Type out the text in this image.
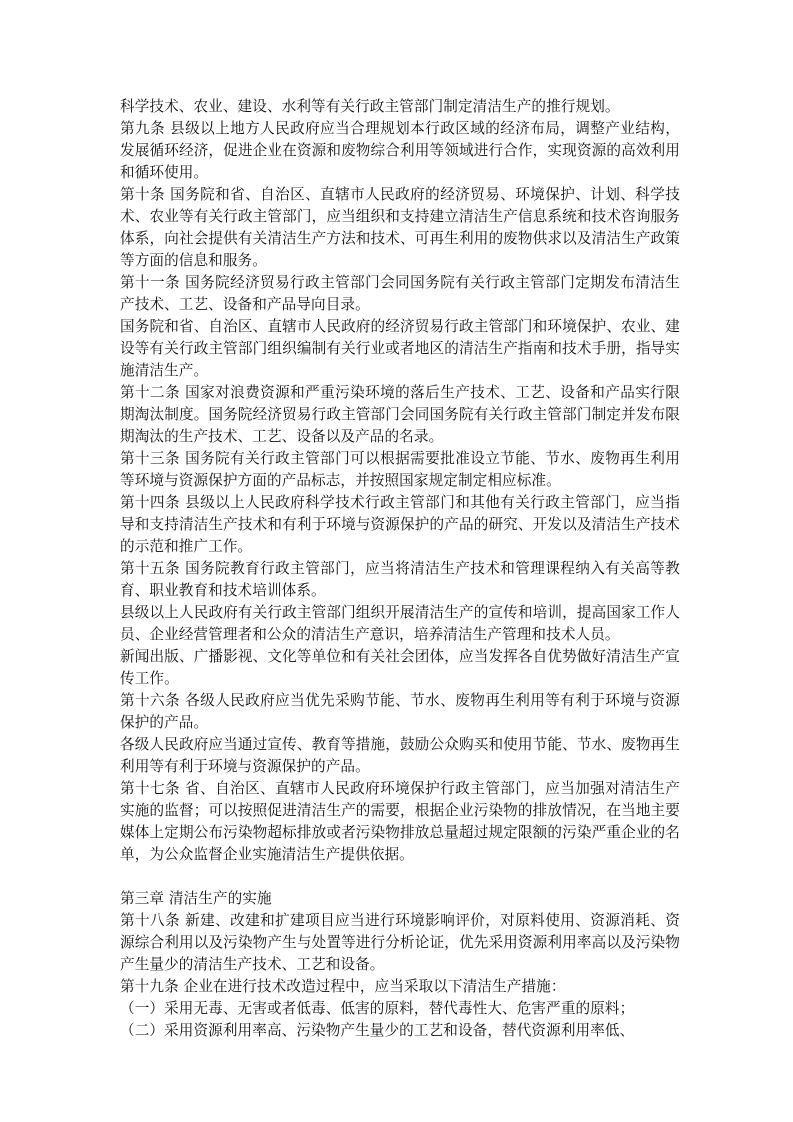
科学技术、农业、建设、水利等有关行政主管部门制定清洁生产的推行规划。

第九条 县级以上地方人民政府应当合理规划本行政区域的经济布局，调整产业结构，发展循环经济，促进企业在资源和废物综合利用等领域进行合作，实现资源的高效利用和循环使用。

第十条 国务院和省、自治区、直辖市人民政府的经济贸易、环境保护、计划、科学技术、农业等有关行政主管部门，应当组织和支持建立清洁生产信息系统和技术咨询服务体系，向社会提供有关清洁生产方法和技术、可再生利用的废物供求以及清洁生产政策等方面的信息和服务。

第十一条 国务院经济贸易行政主管部门会同国务院有关行政主管部门定期发布清洁生产技术、工艺、设备和产品导向目录。

国务院和省、自治区、直辖市人民政府的经济贸易行政主管部门和环境保护、农业、建设等有关行政主管部门组织编制有关行业或者地区的清洁生产指南和技术手册，指导实施清洁生产。

第十二条 国家对浪费资源和严重污染环境的落后生产技术、工艺、设备和产品实行限期淘汰制度。国务院经济贸易行政主管部门会同国务院有关行政主管部门制定并发布限期淘汰的生产技术、工艺、设备以及产品的名录。

第十三条 国务院有关行政主管部门可以根据需要批准设立节能、节水、废物再生利用等环境与资源保护方面的产品标志，并按照国家规定制定相应标准。

第十四条 县级以上人民政府科学技术行政主管部门和其他有关行政主管部门，应当指导和支持清洁生产技术和有利于环境与资源保护的产品的研究、开发以及清洁生产技术的示范和推广工作。

第十五条 国务院教育行政主管部门，应当将清洁生产技术和管理课程纳入有关高等教育、职业教育和技术培训体系。

县级以上人民政府有关行政主管部门组织开展清洁生产的宣传和培训，提高国家工作人员、企业经营管理者和公众的清洁生产意识，培养清洁生产管理和技术人员。

新闻出版、广播影视、文化等单位和有关社会团体，应当发挥各自优势做好清洁生产宣传工作。

第十六条 各级人民政府应当优先采购节能、节水、废物再生利用等有利于环境与资源保护的产品。

各级人民政府应当通过宣传、教育等措施，鼓励公众购买和使用节能、节水、废物再生利用等有利于环境与资源保护的产品。

第十七条 省、自治区、直辖市人民政府环境保护行政主管部门，应当加强对清洁生产实施的监督；可以按照促进清洁生产的需要，根据企业污染物的排放情况，在当地主要媒体上定期公布污染物超标排放或者污染物排放总量超过规定限额的污染严重企业的名单，为公众监督企业实施清洁生产提供依据。

第三章 清洁生产的实施

第十八条 新建、改建和扩建项目应当进行环境影响评价，对原料使用、资源消耗、资源综合利用以及污染物产生与处置等进行分析论证，优先采用资源利用率高以及污染物产生量少的清洁生产技术、工艺和设备。

第十九条 企业在进行技术改造过程中，应当采取以下清洁生产措施：

（一）采用无毒、无害或者低毒、低害的原料，替代毒性大、危害严重的原料；

（二）采用资源利用率高、污染物产生量少的工艺和设备，替代资源利用率低、
